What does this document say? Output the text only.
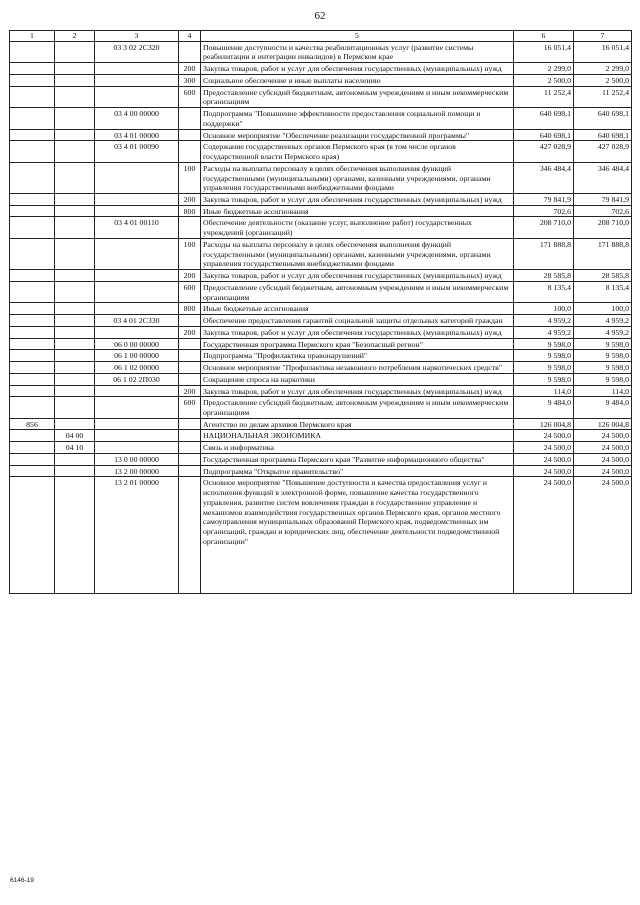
62
1	2	3	4	5	6	7
		03 3 02 2С320		Повышение доступности и качества реабилитационных услуг (развитие системы реабилитации и интеграции инвалидов) в Пермском крае	16 051,4	16 051,4
			200	Закупка товаров, работ и услуг для обеспечения государственных (муниципальных) нужд	2 299,0	2 299,0
			300	Социальное обеспечение и иные выплаты населению	2 500,0	2 500,0
			600	Предоставление субсидий бюджетным, автономным учреждениям и иным некоммерческим организациям	11 252,4	11 252,4
		03 4 00 00000		Подпрограмма "Повышение эффективности предоставления социальной помощи и поддержки"	640 698,1	640 698,1
		03 4 01 00000		Основное мероприятие "Обеспечение реализации государственной программы"	640 698,1	640 698,1
		03 4 01 00090		Содержание государственных органов Пермского края (в том числе органов государственной власти Пермского края)	427 028,9	427 028,9
			100	Расходы на выплаты персоналу в целях обеспечения выполнения функций государственными (муниципальными) органами, казенными учреждениями, органами управления государственными внебюджетными фондами	346 484,4	346 484,4
			200	Закупка товаров, работ и услуг для обеспечения государственных (муниципальных) нужд	79 841,9	79 841,9
			800	Иные бюджетные ассигнования	702,6	702,6
		03 4 01 00110		Обеспечение деятельности (оказание услуг, выполнение работ) государственных учреждений (организаций)	208 710,0	208 710,0
			100	Расходы на выплаты персоналу в целях обеспечения выполнения функций государственными (муниципальными) органами, казенными учреждениями, органами управления государственными внебюджетными фондами	171 888,8	171 888,8
			200	Закупка товаров, работ и услуг для обеспечения государственных (муниципальных) нужд	28 585,8	28 585,8
			600	Предоставление субсидий бюджетным, автономным учреждениям и иным некоммерческим организациям	8 135,4	8 135,4
			800	Иные бюджетные ассигнования	100,0	100,0
		03 4 01 2С330		Обеспечение предоставления гарантий социальной защиты отдельных категорий граждан	4 959,2	4 959,2
			200	Закупка товаров, работ и услуг для обеспечения государственных (муниципальных) нужд	4 959,2	4 959,2
		06 0 00 00000		Государственная программа Пермского края "Безопасный регион"	9 598,0	9 598,0
		06 1 00 00000		Подпрограмма "Профилактика правонарушений"	9 598,0	9 598,0
		06 1 02 00000		Основное мероприятие "Профилактика незаконного потребления наркотических средств"	9 598,0	9 598,0
		06 1 02 2П030		Сокращение спроса на наркотики	9 598,0	9 598,0
			200	Закупка товаров, работ и услуг для обеспечения государственных (муниципальных) нужд	114,0	114,0
			600	Предоставление субсидий бюджетным, автономным учреждениям и иным некоммерческим организациям	9 484,0	9 484,0
856				Агентство по делам архивов Пермского края	126 004,8	126 004,8
	04 00			НАЦИОНАЛЬНАЯ ЭКОНОМИКА	24 500,0	24 500,0
	04 10			Связь и информатика	24 500,0	24 500,0
		13 0 00 00000		Государственная программа Пермского края "Развитие информационного общества"	24 500,0	24 500,0
		13 2 00 00000		Подпрограмма "Открытое правительство"	24 500,0	24 500,0
		13 2 01 00000		Основное мероприятие "Повышение доступности и качества предоставления услуг и исполнения функций в электронной форме, повышение качества государственного управления, развитие систем вовлечения граждан в государственное управление и механизмов взаимодействия государственных органов Пермского края, органов местного самоуправления муниципальных образований Пермского края, подведомственных им организаций, граждан и юридических лиц, обеспечение деятельности подведомственной организации"	24 500,0	24 500,0
6146-19
